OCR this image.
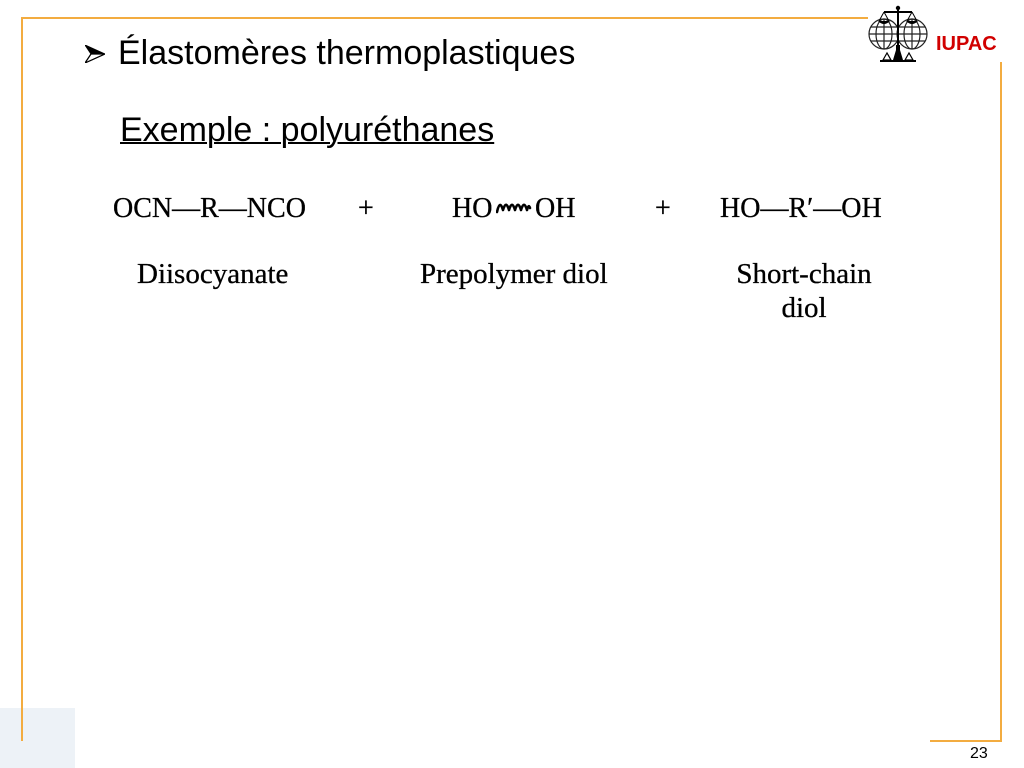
IUPAC
Élastomères thermoplastiques
Exemple : polyuréthanes
OCN—R—NCO +	HO OH	+ HO—R′—OH
Diisocyanate	Prepolymer diol	Short-chain
diol
23
